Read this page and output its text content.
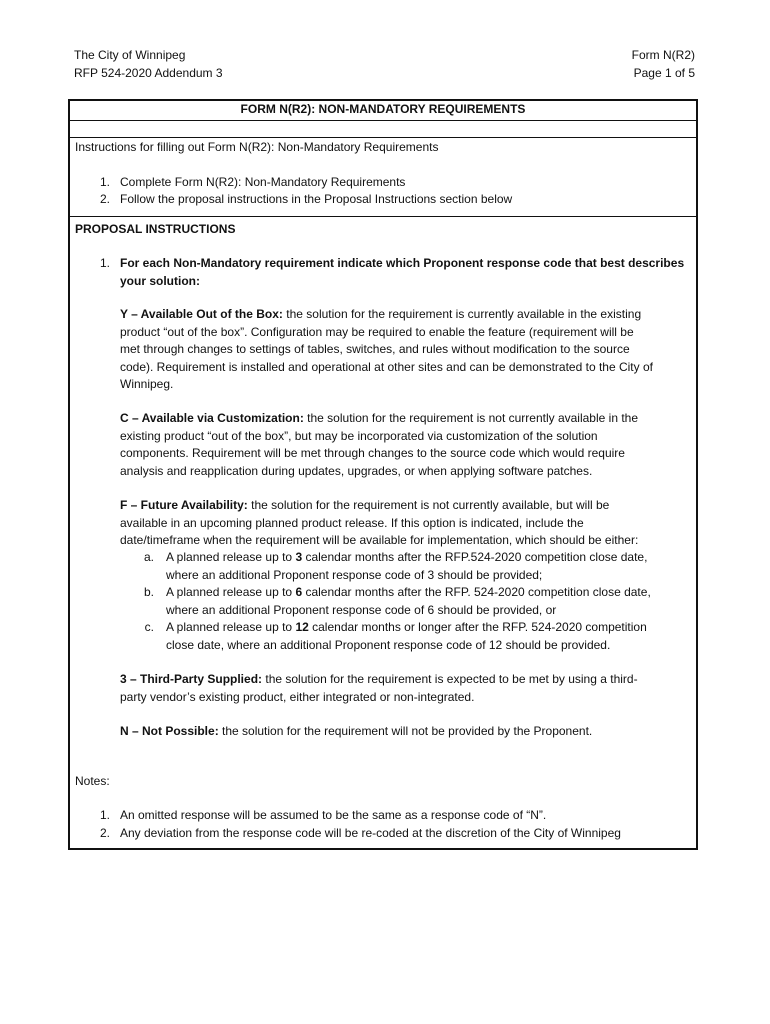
The City of Winnipeg
RFP 524-2020 Addendum 3
Form N(R2)
Page 1 of 5
FORM N(R2): NON-MANDATORY REQUIREMENTS
Instructions for filling out Form N(R2): Non-Mandatory Requirements
1. Complete Form N(R2): Non-Mandatory Requirements
2. Follow the proposal instructions in the Proposal Instructions section below
PROPOSAL INSTRUCTIONS
1. For each Non-Mandatory requirement indicate which Proponent response code that best describes
your solution:
Y – Available Out of the Box: the solution for the requirement is currently available in the existing
product “out of the box”. Configuration may be required to enable the feature (requirement will be
met through changes to settings of tables, switches, and rules without modification to the source
code). Requirement is installed and operational at other sites and can be demonstrated to the City of
Winnipeg.
C – Available via Customization: the solution for the requirement is not currently available in the
existing product “out of the box”, but may be incorporated via customization of the solution
components. Requirement will be met through changes to the source code which would require
analysis and reapplication during updates, upgrades, or when applying software patches.
F – Future Availability: the solution for the requirement is not currently available, but will be
available in an upcoming planned product release. If this option is indicated, include the
date/timeframe when the requirement will be available for implementation, which should be either:
a. A planned release up to 3 calendar months after the RFP.524-2020 competition close date,
where an additional Proponent response code of 3 should be provided;
b. A planned release up to 6 calendar months after the RFP. 524-2020 competition close date,
where an additional Proponent response code of 6 should be provided, or
c. A planned release up to 12 calendar months or longer after the RFP. 524-2020 competition
close date, where an additional Proponent response code of 12 should be provided.
3 – Third-Party Supplied: the solution for the requirement is expected to be met by using a third-
party vendor’s existing product, either integrated or non-integrated.
N – Not Possible: the solution for the requirement will not be provided by the Proponent.
Notes:
1. An omitted response will be assumed to be the same as a response code of “N”.
2. Any deviation from the response code will be re-coded at the discretion of the City of Winnipeg
